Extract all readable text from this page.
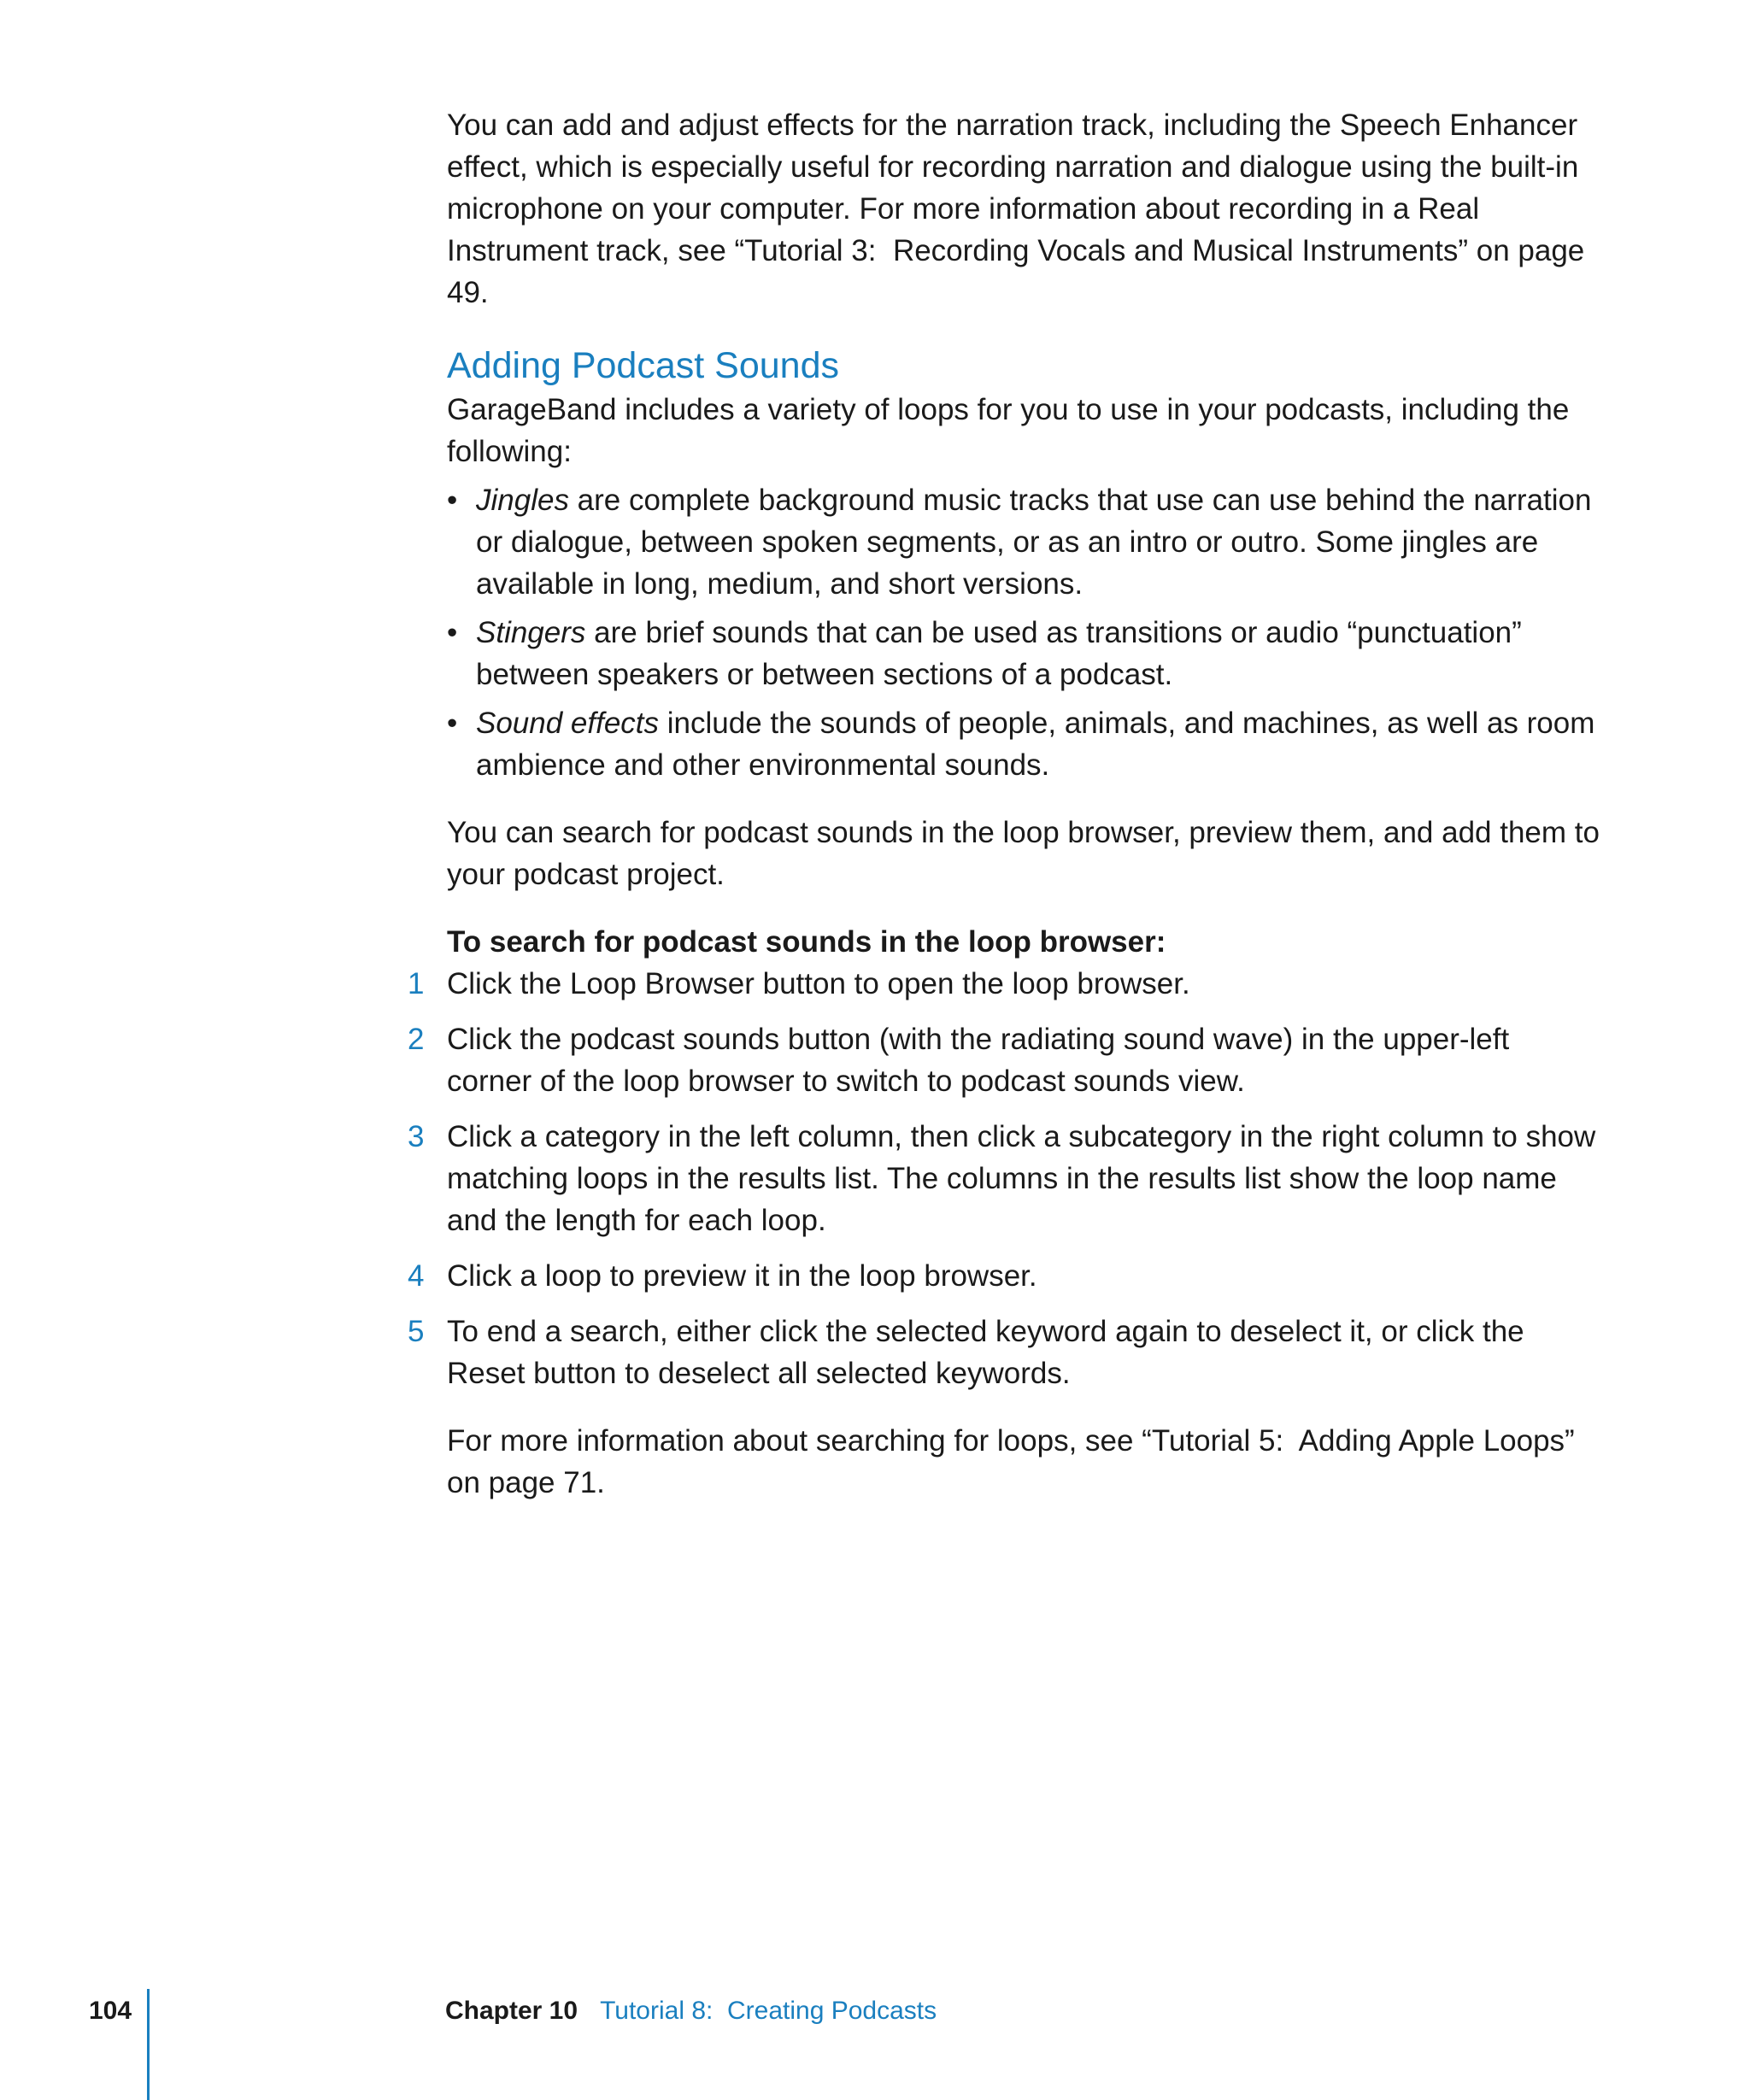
You can add and adjust effects for the narration track, including the Speech Enhancer effect, which is especially useful for recording narration and dialogue using the built-in microphone on your computer. For more information about recording in a Real Instrument track, see “Tutorial 3:  Recording Vocals and Musical Instruments” on page 49.

Adding Podcast Sounds

GarageBand includes a variety of loops for you to use in your podcasts, including the following:

• Jingles are complete background music tracks that use can use behind the narration or dialogue, between spoken segments, or as an intro or outro. Some jingles are available in long, medium, and short versions.
• Stingers are brief sounds that can be used as transitions or audio “punctuation” between speakers or between sections of a podcast.
• Sound effects include the sounds of people, animals, and machines, as well as room ambience and other environmental sounds.

You can search for podcast sounds in the loop browser, preview them, and add them to your podcast project.

To search for podcast sounds in the loop browser:

1 Click the Loop Browser button to open the loop browser.
2 Click the podcast sounds button (with the radiating sound wave) in the upper-left corner of the loop browser to switch to podcast sounds view.
3 Click a category in the left column, then click a subcategory in the right column to show matching loops in the results list. The columns in the results list show the loop name and the length for each loop.
4 Click a loop to preview it in the loop browser.
5 To end a search, either click the selected keyword again to deselect it, or click the Reset button to deselect all selected keywords.

For more information about searching for loops, see “Tutorial 5:  Adding Apple Loops” on page 71.

104	Chapter 10 Tutorial 8:  Creating Podcasts
